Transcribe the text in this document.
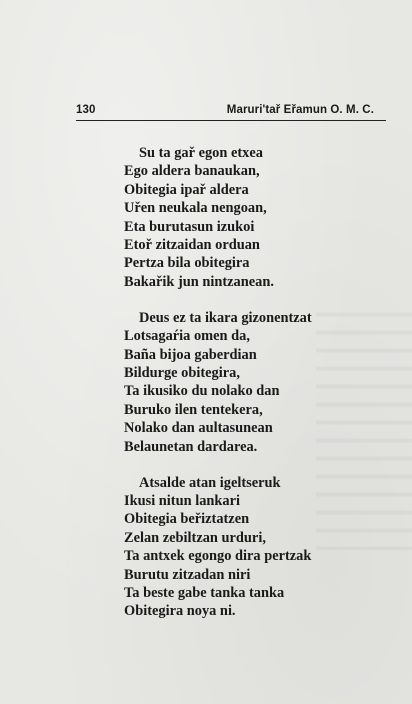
130	Maruri'tař Eřamun O. M. C.
Su ta gař egon etxea
Ego aldera banaukan,
Obitegia ipař aldera
Uřen neukala nengoan,
Eta burutasun izukoi
Etoř zitzaidan orduan
Pertza bila obitegira
Bakařik jun nintzanean.
Deus ez ta ikara gizonentzat
Lotsagaŕia omen da,
Baña bijoa gaberdian
Bildurge obitegira,
Ta ikusiko du nolako dan
Buruko ilen tentekera,
Nolako dan aultasunean
Belaunetan dardarea.
Atsalde atan igeltseruk
Ikusi nitun lankari
Obitegia beřiztatzen
Zelan zebiltzan urduri,
Ta antxek egongo dira pertzak
Burutu zitzadan niri
Ta beste gabe tanka tanka
Obitegira noya ni.
